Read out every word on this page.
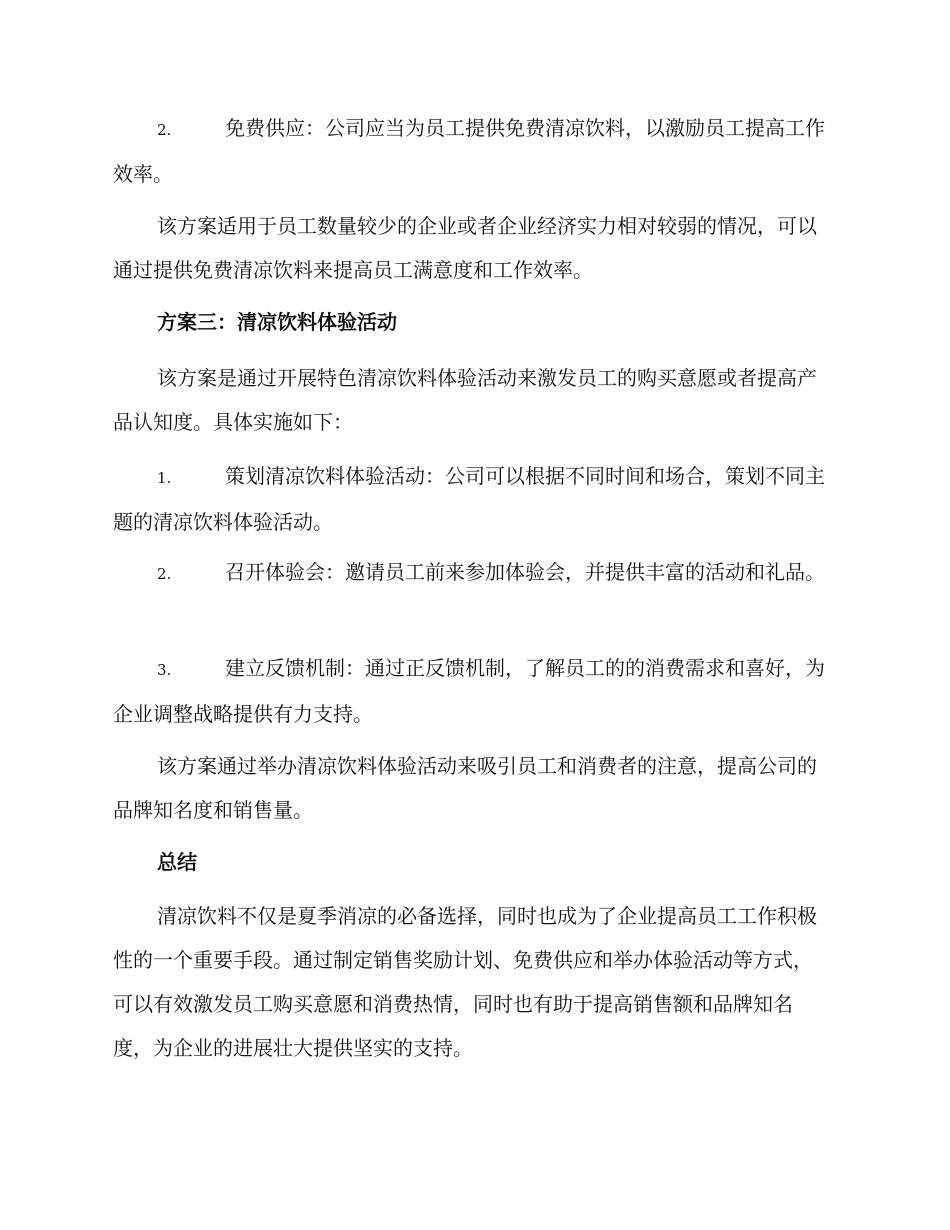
2.	免费供应：公司应当为员工提供免费清凉饮料，以激励员工提高工作效率。

该方案适用于员工数量较少的企业或者企业经济实力相对较弱的情况，可以通过提供免费清凉饮料来提高员工满意度和工作效率。

方案三：清凉饮料体验活动

该方案是通过开展特色清凉饮料体验活动来激发员工的购买意愿或者提高产品认知度。具体实施如下：

1.	策划清凉饮料体验活动：公司可以根据不同时间和场合，策划不同主题的清凉饮料体验活动。

2.	召开体验会：邀请员工前来参加体验会，并提供丰富的活动和礼品。

3.	建立反馈机制：通过正反馈机制，了解员工的的消费需求和喜好，为企业调整战略提供有力支持。

该方案通过举办清凉饮料体验活动来吸引员工和消费者的注意，提高公司的品牌知名度和销售量。

总结

清凉饮料不仅是夏季消凉的必备选择，同时也成为了企业提高员工工作积极性的一个重要手段。通过制定销售奖励计划、免费供应和举办体验活动等方式，可以有效激发员工购买意愿和消费热情，同时也有助于提高销售额和品牌知名度，为企业的进展壮大提供坚实的支持。
